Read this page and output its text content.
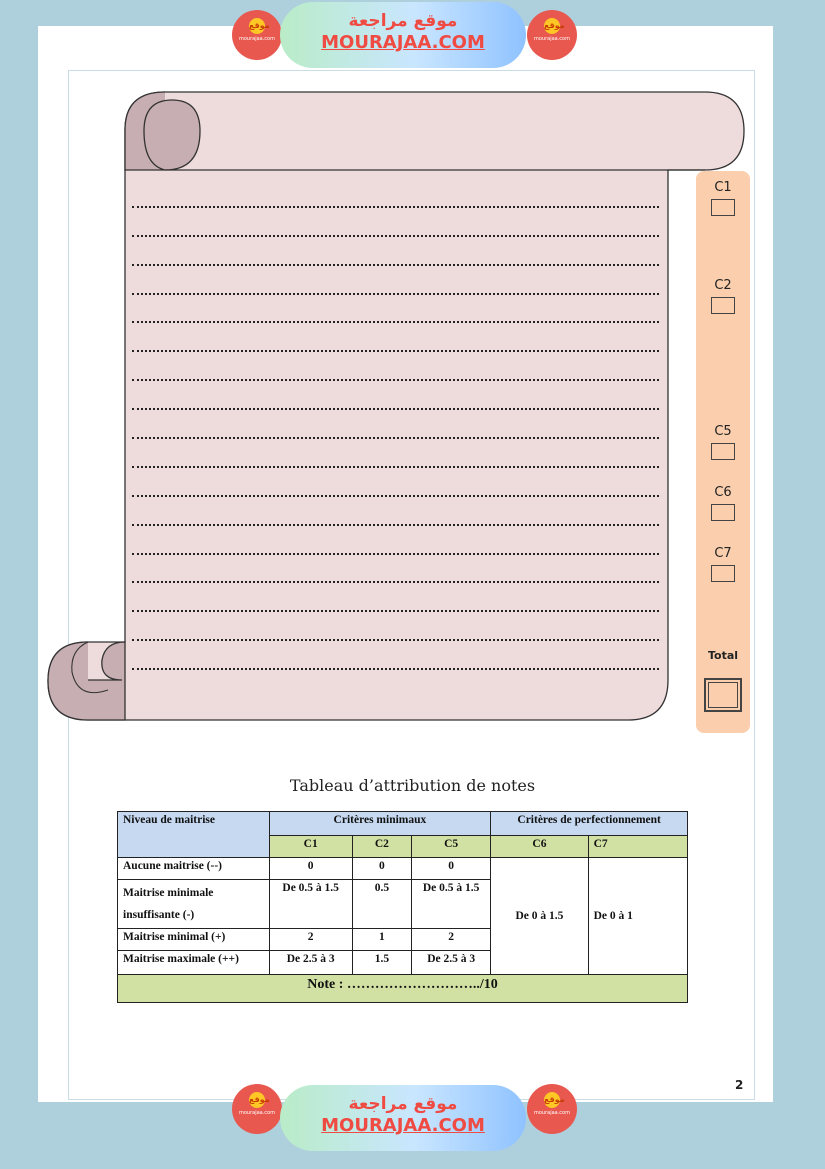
موقع
mourajaa.com
موقع مراجعة
MOURAJAA.COM
موقع
mourajaa.com
C1
C2
C5
C6
C7
Total
Tableau d’attribution de notes
Niveau de maitrise	Critères minimaux			Critères de perfectionnement	
	C1	C2	C5	C6	C7
Aucune maitrise (--)	0	0	0	De 0 à 1.5	De 0 à 1
Maitrise minimale insuffisante (-)	De 0.5 à 1.5	0.5	De 0.5 à 1.5		
Maitrise minimal (+)	2	1	2		
Maitrise maximale (++)	De 2.5 à 3	1.5	De 2.5 à 3		
Note : ………………………../10					
2
موقع
mourajaa.com	موقع مراجعة
MOURAJAA.COM
موقع
mourajaa.com
